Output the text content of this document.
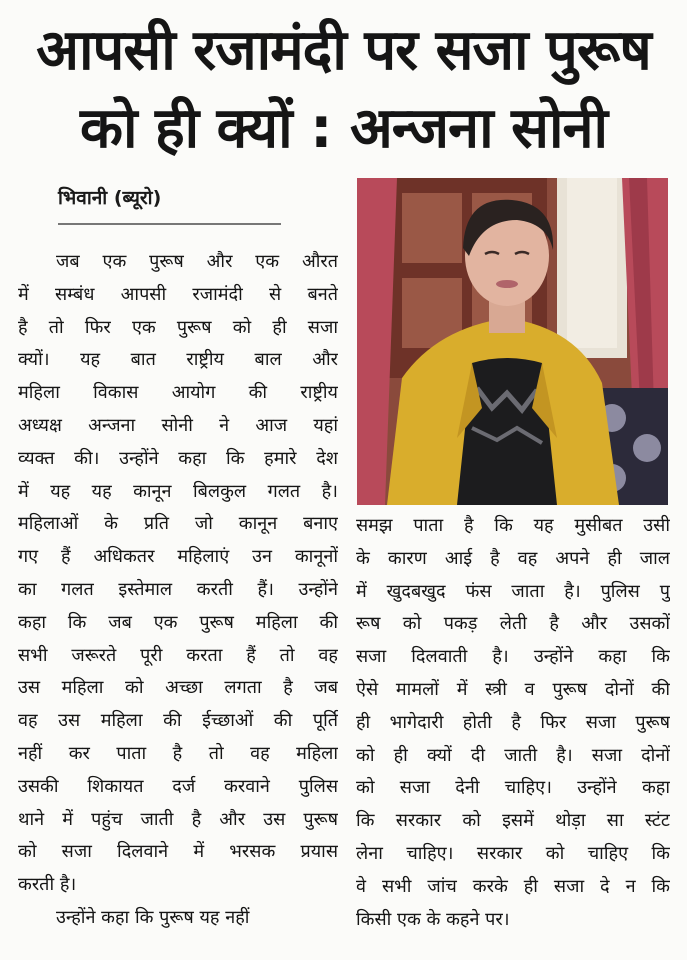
आपसी रजामंदी पर सजा पुरूष
को ही क्यों : अन्जना सोनी
भिवानी (ब्यूरो)
जब एक पुरूष और एक औरत
में सम्बंध आपसी रजामंदी से बनते
है तो फिर एक पुरूष को ही सजा
क्यों। यह बात राष्ट्रीय बाल और
महिला विकास आयोग की राष्ट्रीय
अध्यक्ष अन्जना सोनी ने आज यहां
व्यक्त की। उन्होंने कहा कि हमारे देश
में यह यह कानून बिलकुल गलत है।
महिलाओं के प्रति जो कानून बनाए
गए हैं अधिकतर महिलाएं उन कानूनों
का गलत इस्तेमाल करती हैं। उन्होंने
कहा कि जब एक पुरूष महिला की
सभी जरूरते पूरी करता हैं तो वह
उस महिला को अच्छा लगता है जब
वह उस महिला की ईच्छाओं की पूर्ति
नहीं कर पाता है तो वह महिला
उसकी शिकायत दर्ज करवाने पुलिस
थाने में पहुंच जाती है और उस पुरूष
को सजा दिलवाने में भरसक प्रयास
करती है।
उन्होंने कहा कि पुरूष यह नहीं
समझ पाता है कि यह मुसीबत उसी
के कारण आई है वह अपने ही जाल
में खुदबखुद फंस जाता है। पुलिस पु
रूष को पकड़ लेती है और उसकों
सजा दिलवाती है। उन्होंने कहा कि
ऐसे मामलों में स्त्री व पुरूष दोनों की
ही भागेदारी होती है फिर सजा पुरूष
को ही क्यों दी जाती है। सजा दोनों
को सजा देनी चाहिए। उन्होंने कहा
कि सरकार को इसमें थोड़ा सा स्टंट
लेना चाहिए। सरकार को चाहिए कि
वे सभी जांच करके ही सजा दे न कि
किसी एक के कहने पर।
